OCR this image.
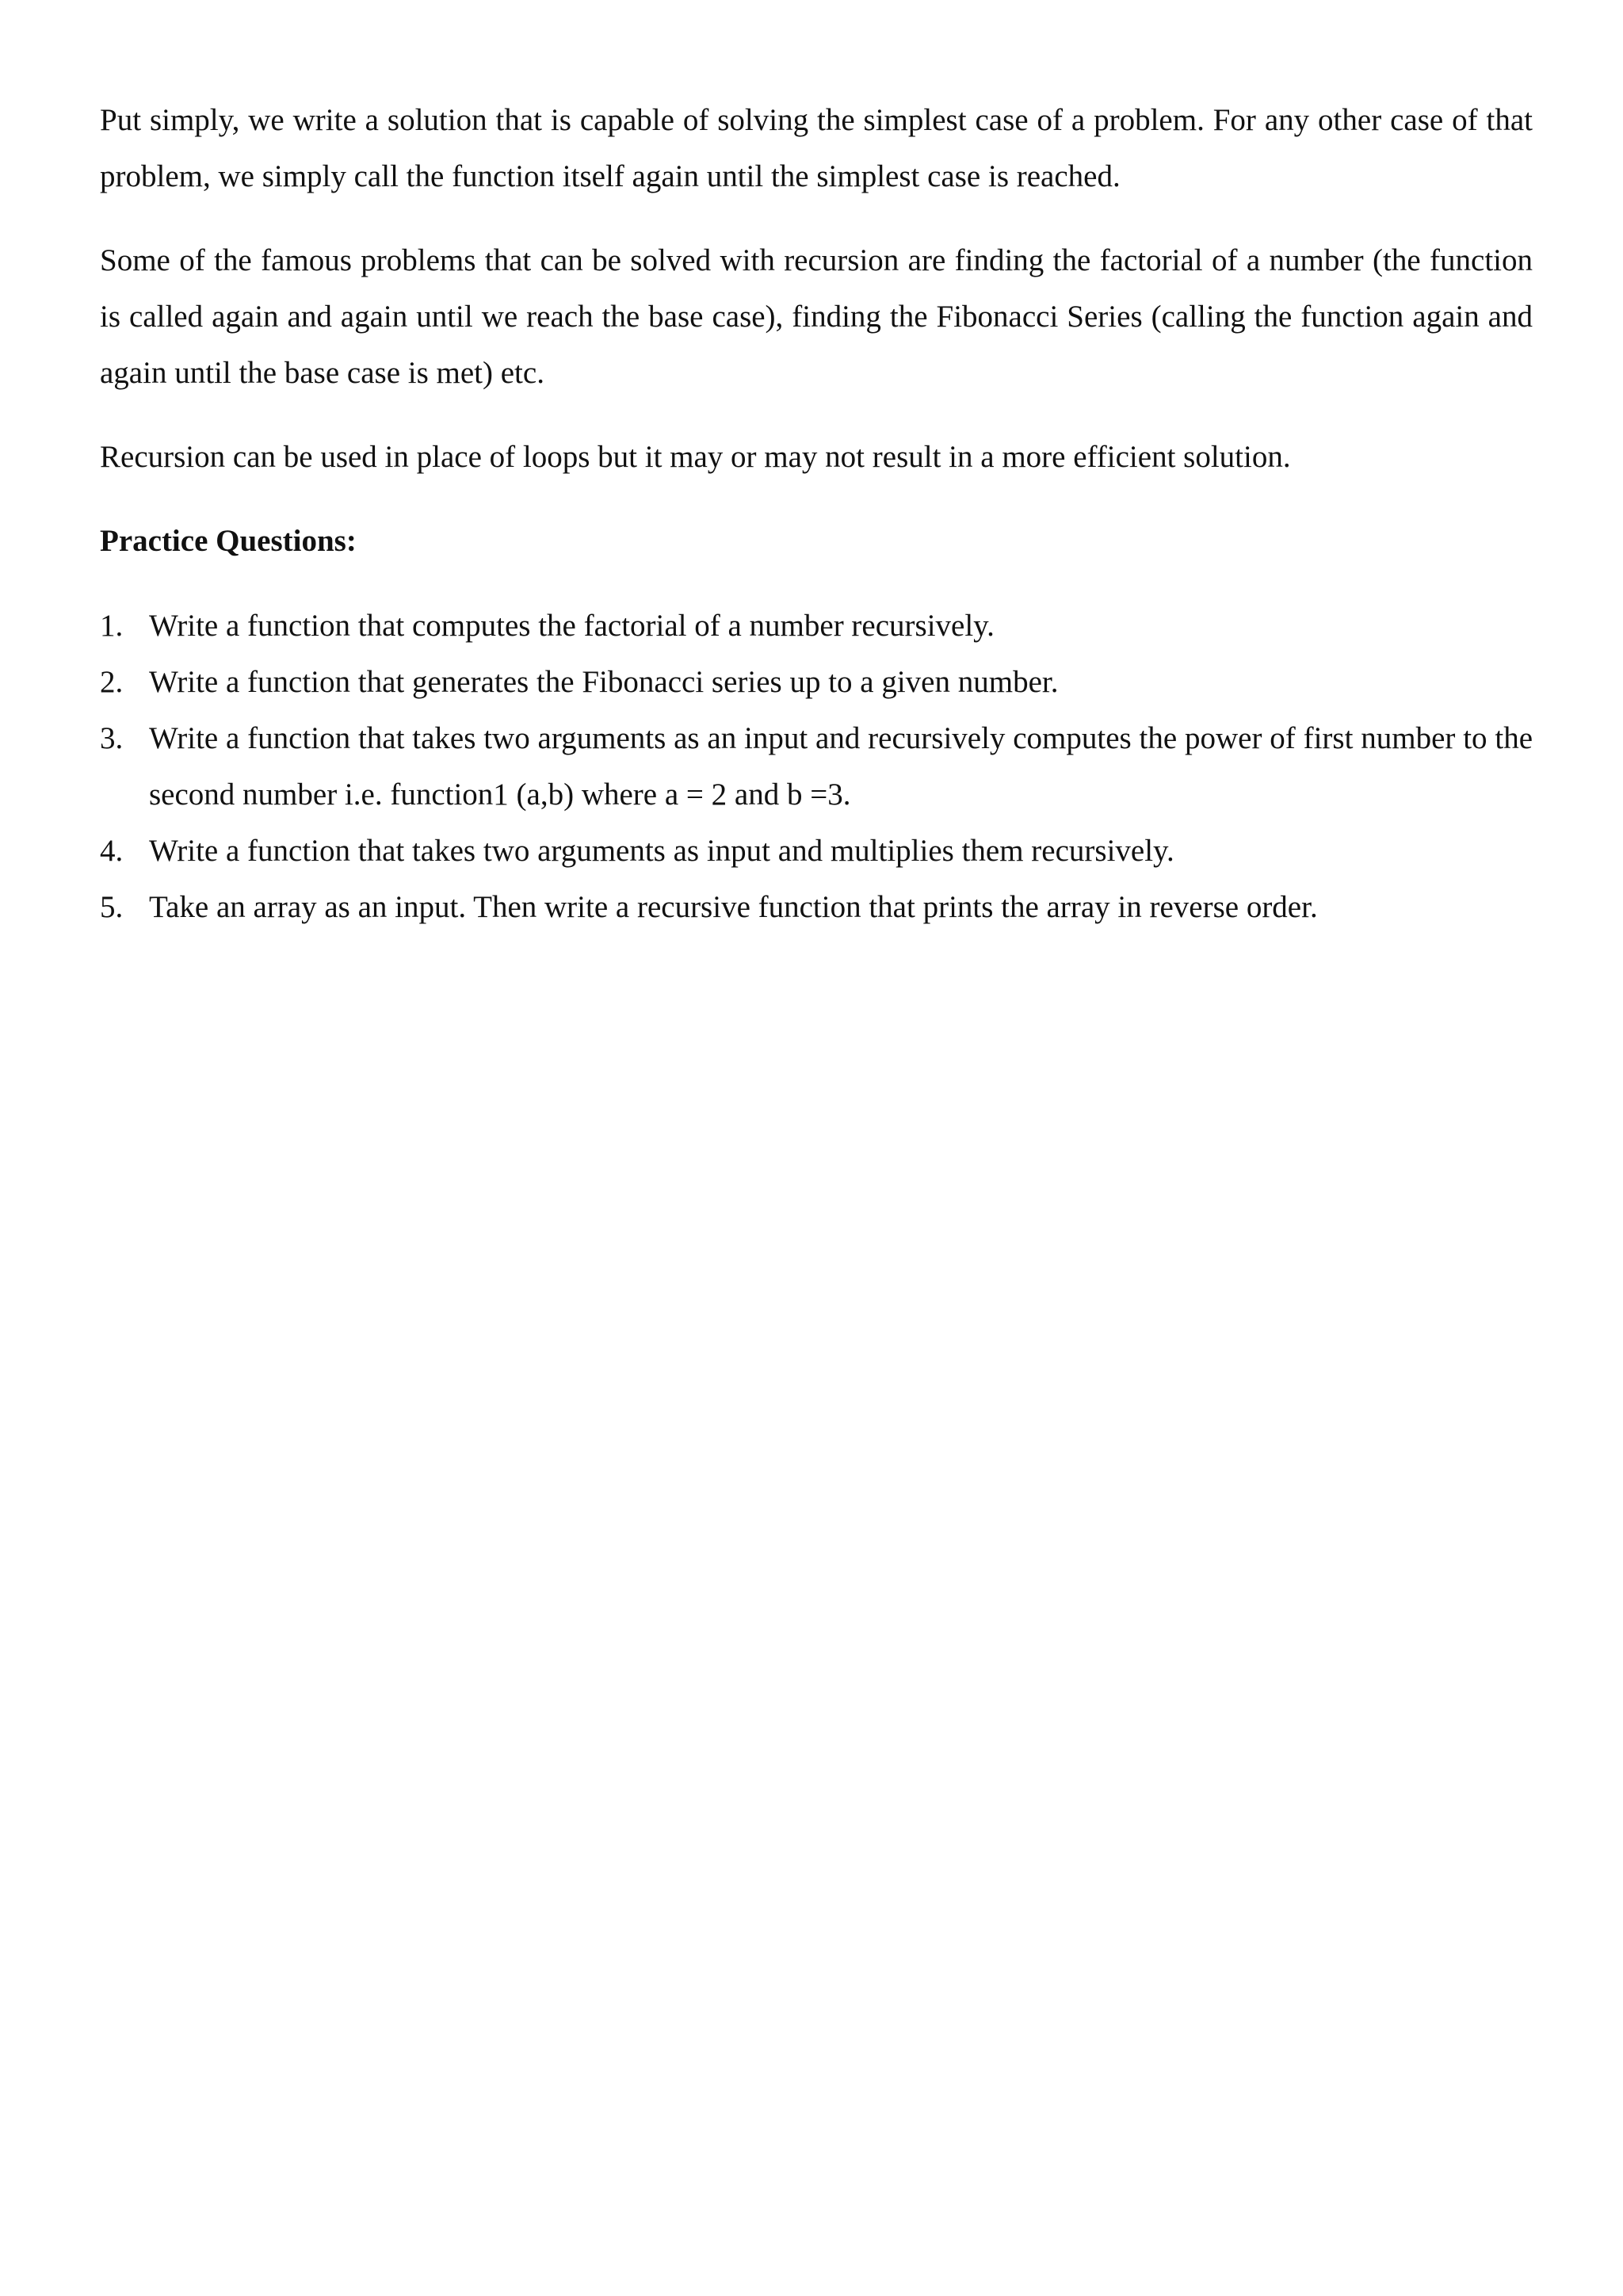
Put simply, we write a solution that is capable of solving the simplest case of a problem. For any other case of that problem, we simply call the function itself again until the simplest case is reached.

Some of the famous problems that can be solved with recursion are finding the factorial of a number (the function is called again and again until we reach the base case), finding the Fibonacci Series (calling the function again and again until the base case is met) etc.

Recursion can be used in place of loops but it may or may not result in a more efficient solution.

Practice Questions:
1. Write a function that computes the factorial of a number recursively.
2. Write a function that generates the Fibonacci series up to a given number.
3. Write a function that takes two arguments as an input and recursively computes the power of first number to the second number i.e. function1 (a,b) where a = 2 and b =3.
4. Write a function that takes two arguments as input and multiplies them recursively.
5. Take an array as an input. Then write a recursive function that prints the array in reverse order.
